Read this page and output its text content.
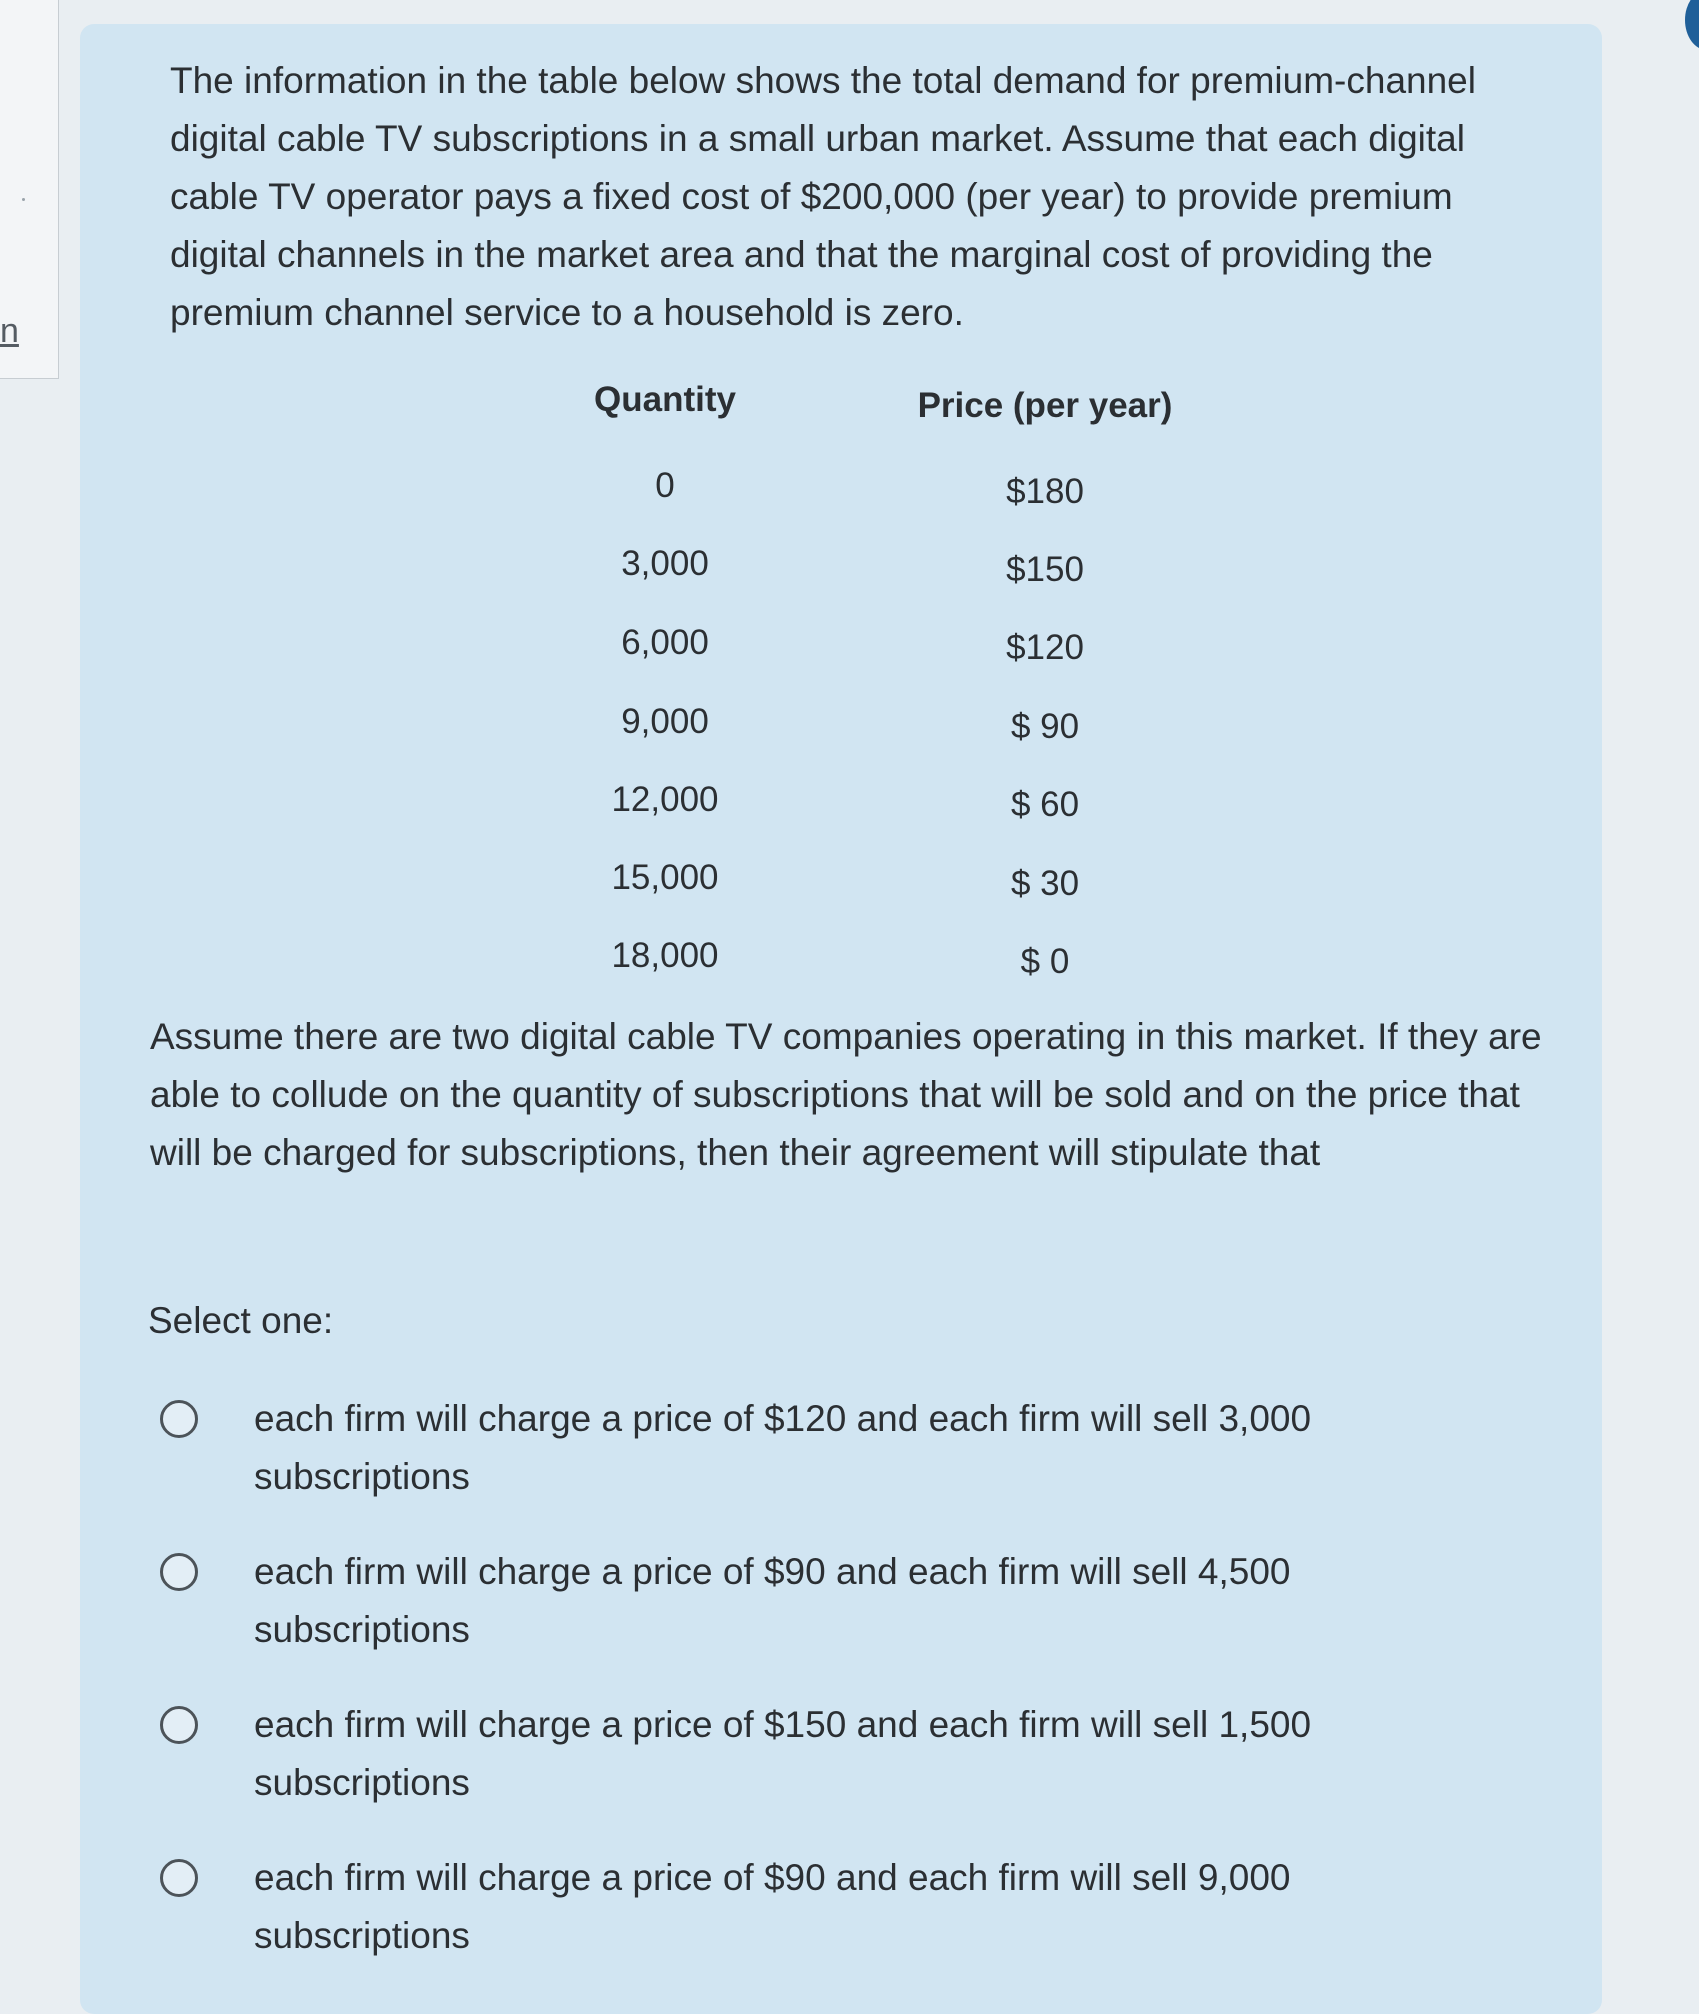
n

The information in the table below shows the total demand for premium-channel digital cable TV subscriptions in a small urban market. Assume that each digital cable TV operator pays a fixed cost of $200,000 (per year) to provide premium digital channels in the market area and that the marginal cost of providing the premium channel service to a household is zero.

Quantity	Price (per year)
0	$180
3,000	$150
6,000	$120
9,000	$ 90
12,000	$ 60
15,000	$ 30
18,000	$ 0

Assume there are two digital cable TV companies operating in this market. If they are able to collude on the quantity of subscriptions that will be sold and on the price that will be charged for subscriptions, then their agreement will stipulate that

Select one:

each firm will charge a price of $120 and each firm will sell 3,000 subscriptions
each firm will charge a price of $90 and each firm will sell 4,500 subscriptions
each firm will charge a price of $150 and each firm will sell 1,500 subscriptions
each firm will charge a price of $90 and each firm will sell 9,000 subscriptions
